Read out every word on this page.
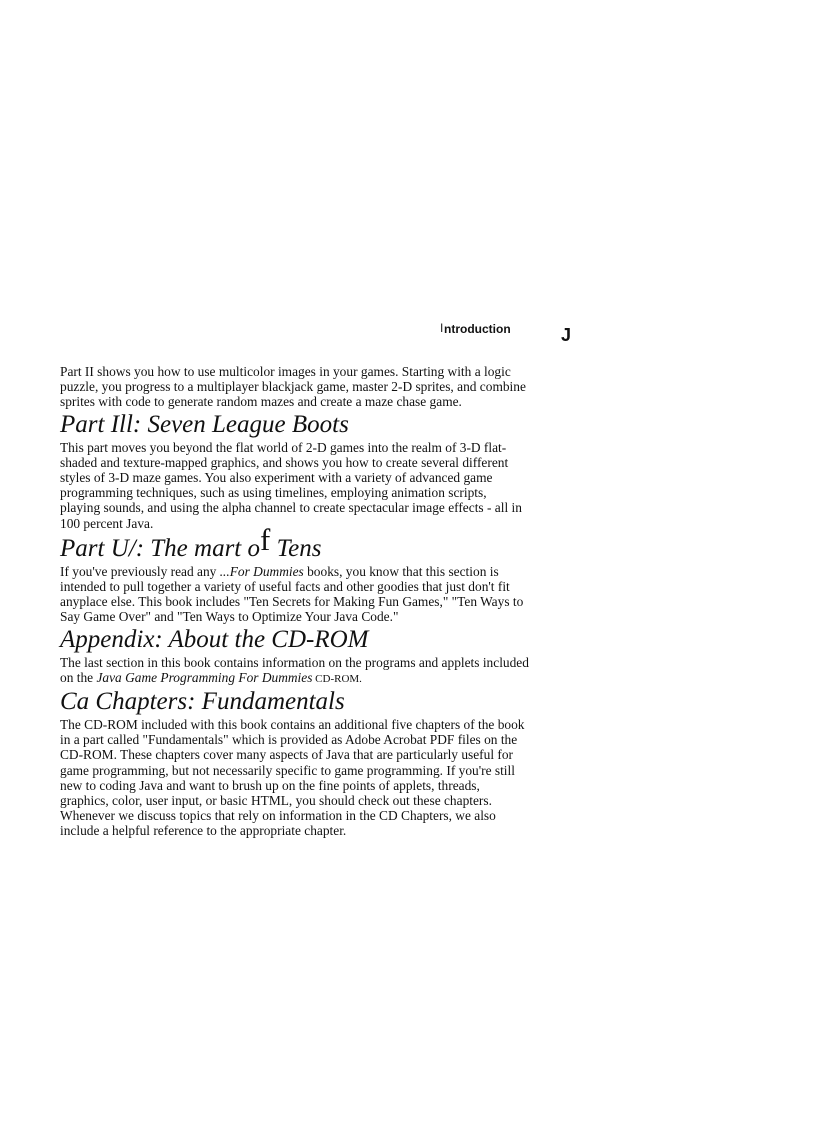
I ntroduction	J

Part II shows you how to use multicolor images in your games. Starting with a logic puzzle, you progress to a multiplayer blackjack game, master 2-D sprites, and combine sprites with code to generate random mazes and create a maze chase game.

Part Ill: Seven League Boots

This part moves you beyond the flat world of 2-D games into the realm of 3-D flat-shaded and texture-mapped graphics, and shows you how to create several different styles of 3-D maze games. You also experiment with a variety of advanced game programming techniques, such as using timelines, employing animation scripts, playing sounds, and using the alpha channel to create spectacular image effects - all in 100 percent Java.

Part U/: The mart of Tens

If you've previously read any ...For Dummies books, you know that this section is intended to pull together a variety of useful facts and other goodies that just don't fit anyplace else. This book includes "Ten Secrets for Making Fun Games," "Ten Ways to Say Game Over" and "Ten Ways to Optimize Your Java Code."

Appendix: About the CD-ROM

The last section in this book contains information on the programs and applets included on the Java Game Programming For Dummies CD-ROM.

Ca Chapters: Fundamentals

The CD-ROM included with this book contains an additional five chapters of the book in a part called "Fundamentals" which is provided as Adobe Acrobat PDF files on the CD-ROM. These chapters cover many aspects of Java that are particularly useful for game programming, but not necessarily specific to game programming. If you're still new to coding Java and want to brush up on the fine points of applets, threads, graphics, color, user input, or basic HTML, you should check out these chapters. Whenever we discuss topics that rely on information in the CD Chapters, we also include a helpful reference to the appropriate chapter.
